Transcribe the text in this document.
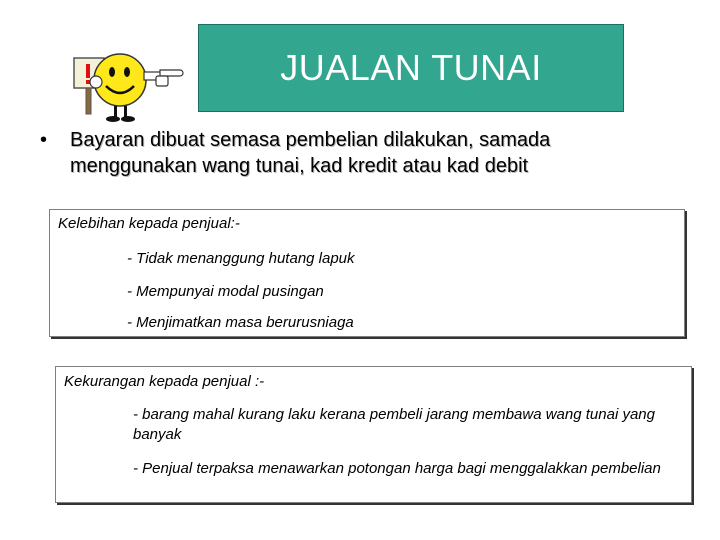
JUALAN TUNAI
•	Bayaran dibuat semasa pembelian dilakukan, samada menggunakan wang tunai, kad kredit atau kad debit

Kelebihan kepada penjual:-

- Tidak menanggung hutang lapuk

- Mempunyai modal pusingan

- Menjimatkan masa berurusniaga

Kekurangan kepada penjual :-

- barang mahal kurang laku kerana pembeli jarang membawa wang tunai yang banyak

- Penjual terpaksa menawarkan potongan harga bagi menggalakkan pembelian
